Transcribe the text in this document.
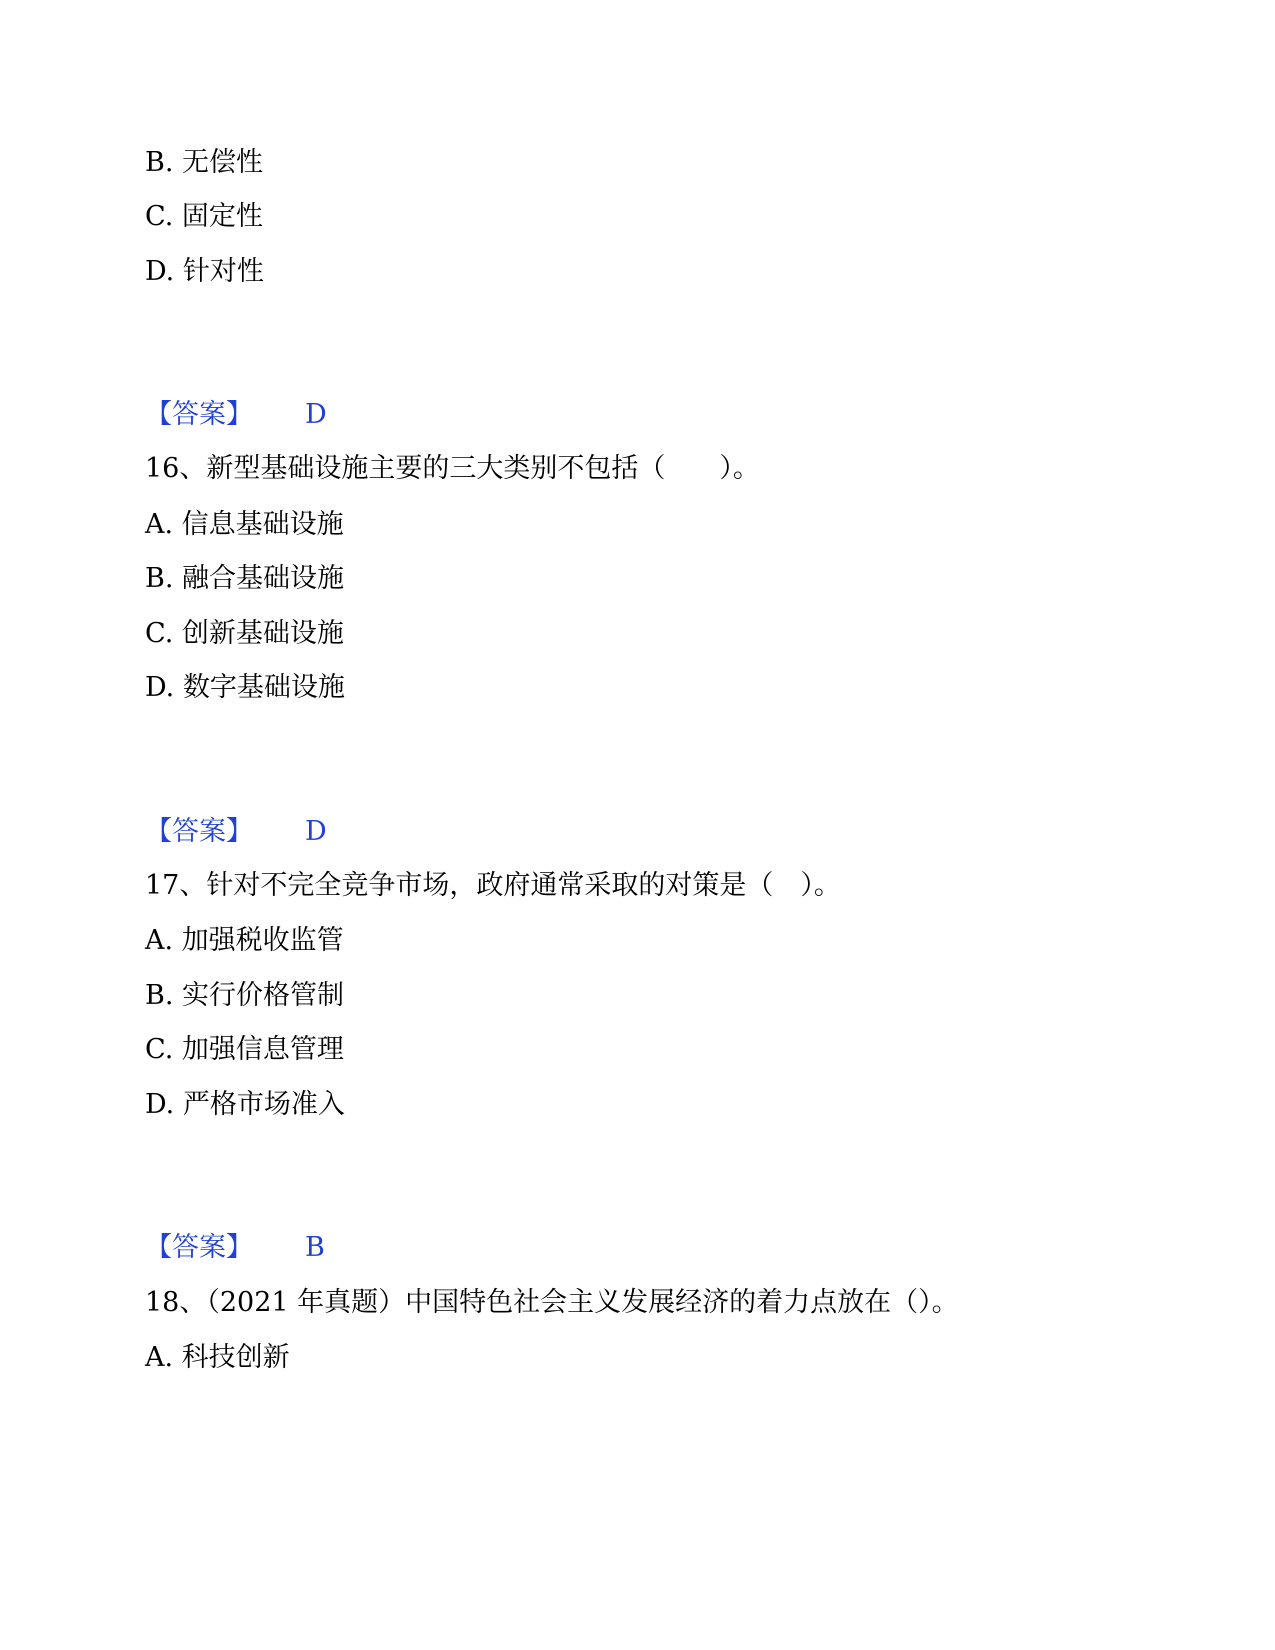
B. 无偿性
C. 固定性
D. 针对性
【答案】 D
16、新型基础设施主要的三大类别不包括（　　）。
A. 信息基础设施
B. 融合基础设施
C. 创新基础设施
D. 数字基础设施
【答案】 D
17、针对不完全竞争市场，政府通常采取的对策是（　）。
A. 加强税收监管
B. 实行价格管制
C. 加强信息管理
D. 严格市场准入
【答案】 B
18、（2021 年真题）中国特色社会主义发展经济的着力点放在（）。
A. 科技创新
